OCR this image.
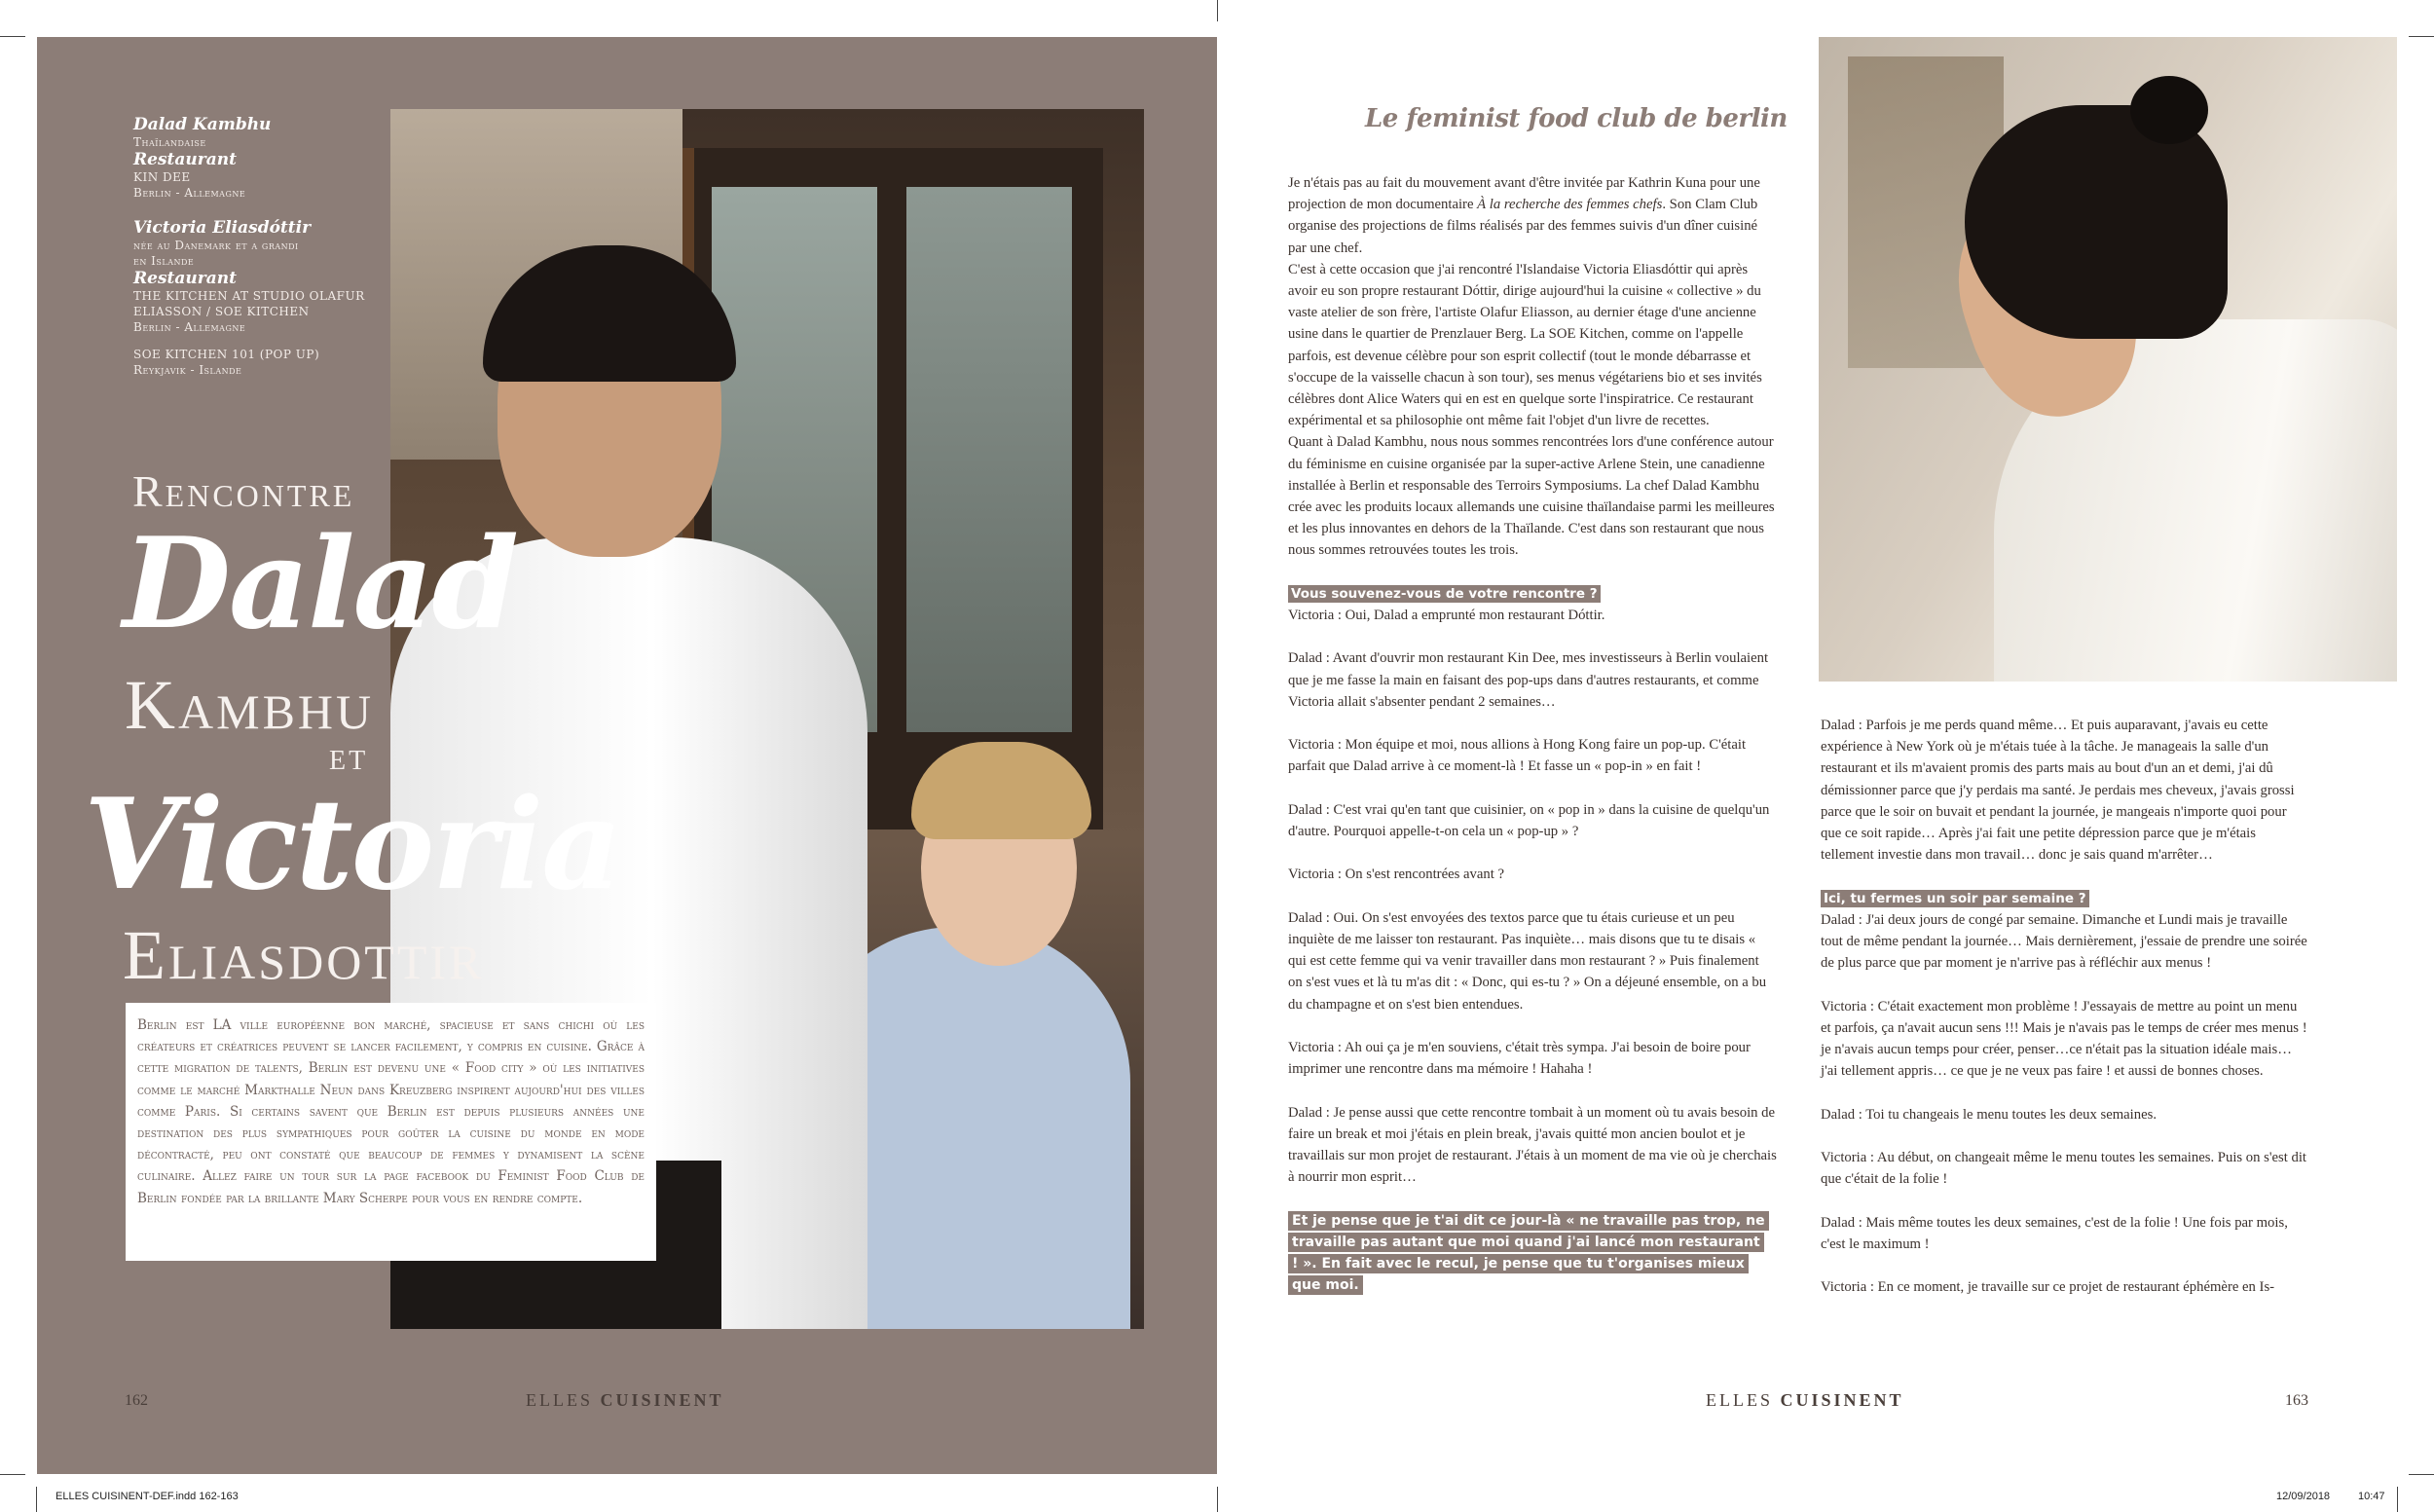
Dalad Kambhu
Thaïlandaise
Restaurant
KIN DEE
Berlin - Allemagne
Victoria Eliasdóttir
née au Danemark et a grandi
en Islande
Restaurant
THE KITCHEN AT STUDIO OLAFUR
ELIASSON / SOE KITCHEN
Berlin - Allemagne
SOE KITCHEN 101 (POP UP)
Reykjavik - Islande
Rencontre
Dalad
Kambhu
et
Victoria
Eliasdottir

Berlin est LA ville européenne bon marché, spacieuse et sans chichi où les créateurs et créatrices peuvent se lancer facilement, y compris en cuisine. Grâce à cette migration de talents, Berlin est devenu une « Food city » où les initiatives comme le marché Markthalle Neun dans Kreuzberg inspirent aujourd'hui des villes comme Paris. Si certains savent que Berlin est depuis plusieurs années une destination des plus sympathiques pour goûter la cuisine du monde en mode décontracté, peu ont constaté que beaucoup de femmes y dynamisent la scène culinaire. Allez faire un tour sur la page facebook du Feminist Food Club de Berlin fondée par la brillante Mary Scherpe pour vous en rendre compte.

162	ELLES CUISINENT
Le feminist food club de berlin

Je n'étais pas au fait du mouvement avant d'être invitée par Kathrin Kuna pour une projection de mon documentaire À la recherche des femmes chefs. Son Clam Club organise des projections de films réalisés par des femmes suivis d'un dîner cuisiné par une chef.

C'est à cette occasion que j'ai rencontré l'Islandaise Victoria Eliasdóttir qui après avoir eu son propre restaurant Dóttir, dirige aujourd'hui la cuisine « collective » du vaste atelier de son frère, l'artiste Olafur Eliasson, au dernier étage d'une ancienne usine dans le quartier de Prenzlauer Berg. La SOE Kitchen, comme on l'appelle parfois, est devenue célèbre pour son esprit collectif (tout le monde débarrasse et s'occupe de la vaisselle chacun à son tour), ses menus végétariens bio et ses invités célèbres dont Alice Waters qui en est en quelque sorte l'inspiratrice. Ce restaurant expérimental et sa philosophie ont même fait l'objet d'un livre de recettes.

Quant à Dalad Kambhu, nous nous sommes rencontrées lors d'une conférence autour du féminisme en cuisine organisée par la super-active Arlene Stein, une canadienne installée à Berlin et responsable des Terroirs Symposiums. La chef Dalad Kambhu crée avec les produits locaux allemands une cuisine thaïlandaise parmi les meilleures et les plus innovantes en dehors de la Thaïlande. C'est dans son restaurant que nous nous sommes retrouvées toutes les trois.

Vous souvenez-vous de votre rencontre ?

Victoria : Oui, Dalad a emprunté mon restaurant Dóttir.

Dalad : Avant d'ouvrir mon restaurant Kin Dee, mes investisseurs à Berlin voulaient que je me fasse la main en faisant des pop-ups dans d'autres restaurants, et comme Victoria allait s'absenter pendant 2 semaines…

Victoria : Mon équipe et moi, nous allions à Hong Kong faire un pop-up. C'était parfait que Dalad arrive à ce moment-là ! Et fasse un « pop-in » en fait !

Dalad : C'est vrai qu'en tant que cuisinier, on « pop in » dans la cuisine de quelqu'un d'autre. Pourquoi appelle-t-on cela un « pop-up » ?

Victoria : On s'est rencontrées avant ?

Dalad : Oui. On s'est envoyées des textos parce que tu étais curieuse et un peu inquiète de me laisser ton restaurant. Pas inquiète… mais disons que tu te disais « qui est cette femme qui va venir travailler dans mon restaurant ? » Puis finalement on s'est vues et là tu m'as dit : « Donc, qui es-tu ? » On a déjeuné ensemble, on a bu du champagne et on s'est bien entendues.

Victoria : Ah oui ça je m'en souviens, c'était très sympa. J'ai besoin de boire pour imprimer une rencontre dans ma mémoire ! Hahaha !

Dalad : Je pense aussi que cette rencontre tombait à un moment où tu avais besoin de faire un break et moi j'étais en plein break, j'avais quitté mon ancien boulot et je travaillais sur mon projet de restaurant. J'étais à un moment de ma vie où je cherchais à nourrir mon esprit…

Et je pense que je t'ai dit ce jour-là « ne travaille pas trop, ne travaille pas autant que moi quand j'ai lancé mon restaurant ! ». En fait avec le recul, je pense que tu t'organises mieux que moi.

Dalad : Parfois je me perds quand même… Et puis auparavant, j'avais eu cette expérience à New York où je m'étais tuée à la tâche. Je manageais la salle d'un restaurant et ils m'avaient promis des parts mais au bout d'un an et demi, j'ai dû démissionner parce que j'y perdais ma santé. Je perdais mes cheveux, j'avais grossi parce que le soir on buvait et pendant la journée, je mangeais n'importe quoi pour que ce soit rapide… Après j'ai fait une petite dépression parce que je m'étais tellement investie dans mon travail… donc je sais quand m'arrêter…

Ici, tu fermes un soir par semaine ?

Dalad : J'ai deux jours de congé par semaine. Dimanche et Lundi mais je travaille tout de même pendant la journée… Mais dernièrement, j'essaie de prendre une soirée de plus parce que par moment je n'arrive pas à réfléchir aux menus !

Victoria : C'était exactement mon problème ! J'essayais de mettre au point un menu et parfois, ça n'avait aucun sens !!! Mais je n'avais pas le temps de créer mes menus ! je n'avais aucun temps pour créer, penser…ce n'était pas la situation idéale mais… j'ai tellement appris… ce que je ne veux pas faire ! et aussi de bonnes choses.

Dalad : Toi tu changeais le menu toutes les deux semaines.

Victoria : Au début, on changeait même le menu toutes les semaines. Puis on s'est dit que c'était de la folie !

Dalad : Mais même toutes les deux semaines, c'est de la folie ! Une fois par mois, c'est le maximum !

Victoria : En ce moment, je travaille sur ce projet de restaurant éphémère en Is-

ELLES CUISINENT	163
ELLES CUISINENT-DEF.indd 162-163	12/09/2018	10:47
